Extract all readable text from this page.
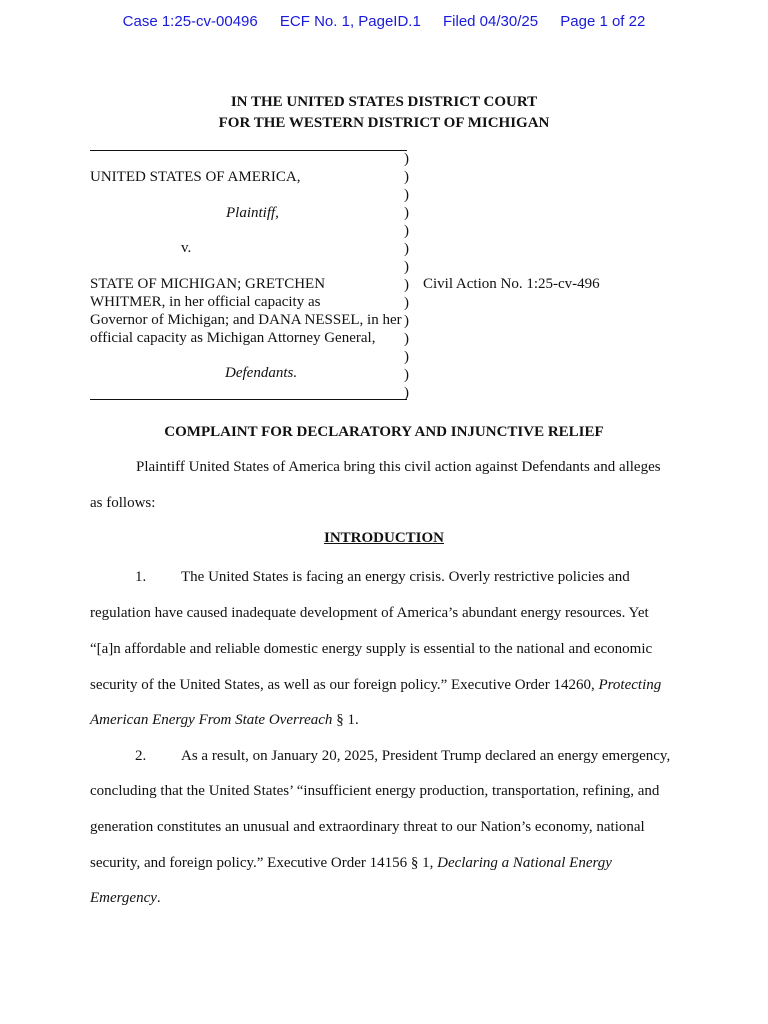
Case 1:25-cv-00496 ECF No. 1, PageID.1 Filed 04/30/25 Page 1 of 22
IN THE UNITED STATES DISTRICT COURT
FOR THE WESTERN DISTRICT OF MICHIGAN
UNITED STATES OF AMERICA,
Plaintiff,
v.
STATE OF MICHIGAN; GRETCHEN
WHITMER, in her official capacity as
Governor of Michigan; and DANA NESSEL, in her
official capacity as Michigan Attorney General,
Defendants.
)
)
)
)
)
)
)
)
)
)
)
)
)
)
Civil Action No. 1:25-cv-496
COMPLAINT FOR DECLARATORY AND INJUNCTIVE RELIEF
Plaintiff United States of America bring this civil action against Defendants and alleges
as follows:
INTRODUCTION
1. The United States is facing an energy crisis. Overly restrictive policies and
regulation have caused inadequate development of America’s abundant energy resources. Yet
“[a]n affordable and reliable domestic energy supply is essential to the national and economic
security of the United States, as well as our foreign policy.” Executive Order 14260, Protecting
American Energy From State Overreach § 1.
2. As a result, on January 20, 2025, President Trump declared an energy emergency,
concluding that the United States’ “insufficient energy production, transportation, refining, and
generation constitutes an unusual and extraordinary threat to our Nation’s economy, national
security, and foreign policy.” Executive Order 14156 § 1, Declaring a National Energy
Emergency.
